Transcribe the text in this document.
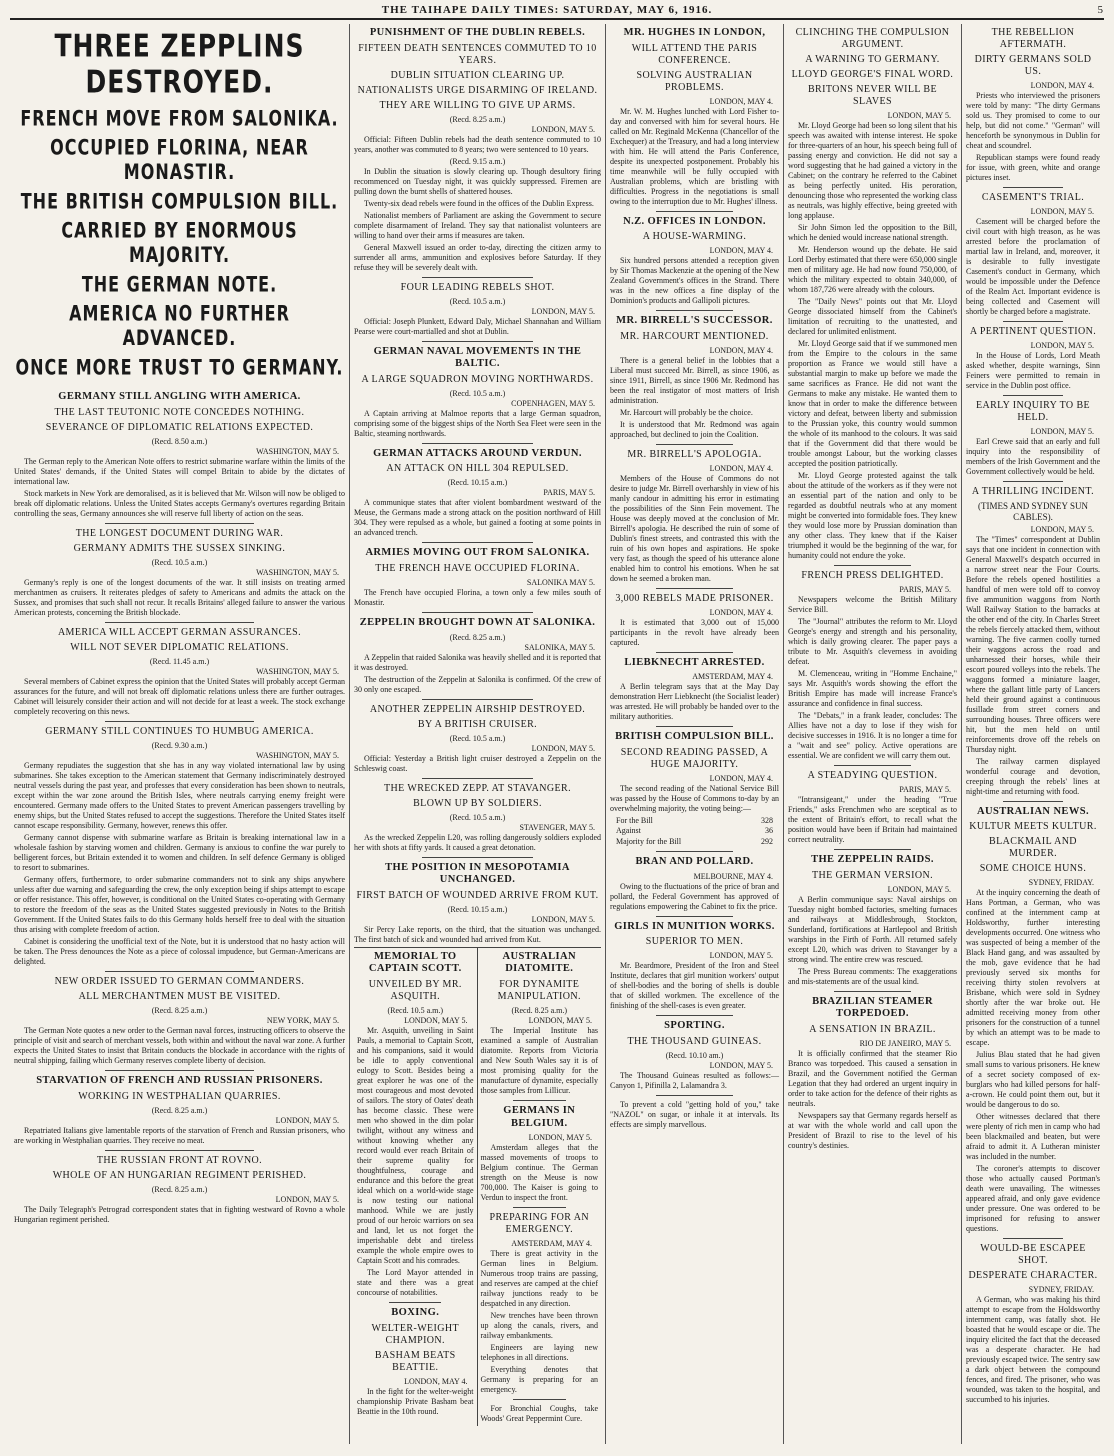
THE TAIHAPE DAILY TIMES: SATURDAY, MAY 6, 1916.	5
THREE ZEPPLINS DESTROYED.
FRENCH MOVE FROM SALONIKA.
OCCUPIED FLORINA, NEAR MONASTIR.
THE BRITISH COMPULSION BILL.
CARRIED BY ENORMOUS MAJORITY.
THE GERMAN NOTE.
AMERICA NO FURTHER ADVANCED.
ONCE MORE TRUST TO GERMANY.
GERMANY STILL ANGLING WITH AMERICA.
THE LAST TEUTONIC NOTE CONCEDES NOTHING.
SEVERANCE OF DIPLOMATIC RELATIONS EXPECTED.
(Recd. 8.50 a.m.)
WASHINGTON, MAY 5.

The German reply to the American Note offers to restrict submarine warfare within the limits of the United States' demands, if the United States will compel Britain to abide by the dictates of international law.

Stock markets in New York are demoralised, as it is believed that Mr. Wilson will now be obliged to break off diplomatic relations. Unless the United States accepts Germany's overtures regarding Britain controlling the seas, Germany announces she will reserve full liberty of action on the seas.

THE LONGEST DOCUMENT DURING WAR.
GERMANY ADMITS THE SUSSEX SINKING.
(Recd. 10.5 a.m.)
WASHINGTON, MAY 5.

Germany's reply is one of the longest documents of the war. It still insists on treating armed merchantmen as cruisers. It reiterates pledges of safety to Americans and admits the attack on the Sussex, and promises that such shall not recur. It recalls Britains' alleged failure to answer the various American protests, concerning the British blockade.

AMERICA WILL ACCEPT GERMAN ASSURANCES.
WILL NOT SEVER DIPLOMATIC RELATIONS.
(Recd. 11.45 a.m.)
WASHINGTON, MAY 5.

Several members of Cabinet express the opinion that the United States will probably accept German assurances for the future, and will not break off diplomatic relations unless there are further outrages. Cabinet will leisurely consider their action and will not decide for at least a week. The stock exchange completely recovering on this news.

GERMANY STILL CONTINUES TO HUMBUG AMERICA.
(Recd. 9.30 a.m.)
WASHINGTON, MAY 5.

Germany repudiates the suggestion that she has in any way violated international law by using submarines. She takes exception to the American statement that Germany indiscriminately destroyed neutral vessels during the past year, and professes that every consideration has been shown to neutrals, except within the war zone around the British Isles, where neutrals carrying enemy freight were encountered. Germany made offers to the United States to prevent American passengers travelling by enemy ships, but the United States refused to accept the suggestions. Therefore the United States itself cannot escape responsibility. Germany, however, renews this offer.

Germany cannot dispense with submarine warfare as Britain is breaking international law in a wholesale fashion by starving women and children. Germany is anxious to confine the war purely to belligerent forces, but Britain extended it to women and children. In self defence Germany is obliged to resort to submarines.

Germany offers, furthermore, to order submarine commanders not to sink any ships anywhere unless after due warning and safeguarding the crew, the only exception being if ships attempt to escape or offer resistance. This offer, however, is conditional on the United States co-operating with Germany to restore the freedom of the seas as the United States suggested previously in Notes to the British Government. If the United States fails to do this Germany holds herself free to deal with the situation thus arising with complete freedom of action.

Cabinet is considering the unofficial text of the Note, but it is understood that no hasty action will be taken. The Press denounces the Note as a piece of colossal impudence, but German-Americans are delighted.

NEW ORDER ISSUED TO GERMAN COMMANDERS.
ALL MERCHANTMEN MUST BE VISITED.
(Recd. 8.25 a.m.)
NEW YORK, MAY 5.

The German Note quotes a new order to the German naval forces, instructing officers to observe the principle of visit and search of merchant vessels, both within and without the naval war zone. A further expects the United States to insist that Britain conducts the blockade in accordance with the rights of neutral shipping, failing which Germany reserves complete liberty of decision.

STARVATION OF FRENCH AND RUSSIAN PRISONERS.
WORKING IN WESTPHALIAN QUARRIES.
(Recd. 8.25 a.m.)
LONDON, MAY 5.

Repatriated Italians give lamentable reports of the starvation of French and Russian prisoners, who are working in Westphalian quarries. They receive no meat.

THE RUSSIAN FRONT AT ROVNO.
WHOLE OF AN HUNGARIAN REGIMENT PERISHED.
(Recd. 8.25 a.m.)
LONDON, MAY 5.

The Daily Telegraph's Petrograd correspondent states that in fighting westward of Rovno a whole Hungarian regiment perished.

PUNISHMENT OF THE DUBLIN REBELS.
FIFTEEN DEATH SENTENCES COMMUTED TO 10 YEARS.
DUBLIN SITUATION CLEARING UP.
NATIONALISTS URGE DISARMING OF IRELAND.
THEY ARE WILLING TO GIVE UP ARMS.
(Recd. 8.25 a.m.)
LONDON, MAY 5.

Official: Fifteen Dublin rebels had the death sentence commuted to 10 years, another was commuted to 8 years; two were sentenced to 10 years.

(Recd. 9.15 a.m.)

In Dublin the situation is slowly clearing up. Though desultory firing recommenced on Tuesday night, it was quickly suppressed. Firemen are pulling down the burnt shells of shattered houses.

Twenty-six dead rebels were found in the offices of the Dublin Express.

Nationalist members of Parliament are asking the Government to secure complete disarmament of Ireland. They say that nationalist volunteers are willing to hand over their arms if measures are taken.

General Maxwell issued an order to-day, directing the citizen army to surrender all arms, ammunition and explosives before Saturday. If they refuse they will be severely dealt with.

FOUR LEADING REBELS SHOT.
(Recd. 10.5 a.m.)
LONDON, MAY 5.

Official: Joseph Plunkett, Edward Daly, Michael Shannahan and William Pearse were court-martialled and shot at Dublin.

GERMAN NAVAL MOVEMENTS IN THE BALTIC.
A LARGE SQUADRON MOVING NORTHWARDS.
(Recd. 10.5 a.m.)
COPENHAGEN, MAY 5.

A Captain arriving at Malmoe reports that a large German squadron, comprising some of the biggest ships of the North Sea Fleet were seen in the Baltic, steaming northwards.

GERMAN ATTACKS AROUND VERDUN.
AN ATTACK ON HILL 304 REPULSED.
(Recd. 10.15 a.m.)
PARIS, MAY 5.

A communique states that after violent bombardment westward of the Meuse, the Germans made a strong attack on the position northward of Hill 304. They were repulsed as a whole, but gained a footing at some points in an advanced trench.

ARMIES MOVING OUT FROM SALONIKA.
THE FRENCH HAVE OCCUPIED FLORINA.
SALONIKA MAY 5.

The French have occupied Florina, a town only a few miles south of Monastir.

ZEPPELIN BROUGHT DOWN AT SALONIKA.
(Recd. 8.25 a.m.)
SALONIKA, MAY 5.

A Zeppelin that raided Salonika was heavily shelled and it is reported that it was destroyed.

The destruction of the Zeppelin at Salonika is confirmed. Of the crew of 30 only one escaped.

ANOTHER ZEPPELIN AIRSHIP DESTROYED.
BY A BRITISH CRUISER.
(Recd. 10.5 a.m.)
LONDON, MAY 5.

Official: Yesterday a British light cruiser destroyed a Zeppelin on the Schleswig coast.

THE WRECKED ZEPP. AT STAVANGER.
BLOWN UP BY SOLDIERS.
(Recd. 10.5 a.m.)
STAVENGER, MAY 5.

As the wrecked Zeppelin L20, was rolling dangerously soldiers exploded her with shots at fifty yards. It caused a great detonation.

THE POSITION IN MESOPOTAMIA UNCHANGED.
FIRST BATCH OF WOUNDED ARRIVE FROM KUT.
(Recd. 10.15 a.m.)
LONDON, MAY 5.

Sir Percy Lake reports, on the third, that the situation was unchanged. The first batch of sick and wounded had arrived from Kut.

MEMORIAL TO CAPTAIN SCOTT.
UNVEILED BY MR. ASQUITH.
(Recd. 10.5 a.m.)
LONDON, MAY 5.

Mr. Asquith, unveiling in Saint Pauls, a memorial to Captain Scott, and his companions, said it would be idle to apply conventional eulogy to Scott. Besides being a great explorer he was one of the most courageous and most devoted of sailors. The story of Oates' death has become classic. These were men who showed in the dim polar twilight, without any witness and without knowing whether any record would ever reach Britain of their supreme quality for thoughtfulness, courage and endurance and this before the great ideal which on a world-wide stage is now testing our national manhood. While we are justly proud of our heroic warriors on sea and land, let us not forget the imperishable debt and tireless example the whole empire owes to Captain Scott and his comrades.

The Lord Mayor attended in state and there was a great concourse of notabilities.

BOXING.
WELTER-WEIGHT CHAMPION.
BASHAM BEATS BEATTIE.
LONDON, MAY 4.

In the fight for the welter-weight championship Private Basham beat Beattie in the 10th round.

AUSTRALIAN DIATOMITE.
FOR DYNAMITE MANIPULATION.
(Recd. 8.25 a.m.)
LONDON, MAY 5.

The Imperial Institute has examined a sample of Australian diatomite. Reports from Victoria and New South Wales say it is of most promising quality for the manufacture of dynamite, especially those samples from Lillicur.

GERMANS IN BELGIUM.
LONDON, MAY 5.

Amsterdam alleges that the massed movements of troops to Belgium continue. The German strength on the Meuse is now 700,000. The Kaiser is going to Verdun to inspect the front.

PREPARING FOR AN EMERGENCY.
AMSTERDAM, MAY 4.

There is great activity in the German lines in Belgium. Numerous troop trains are passing, and reserves are camped at the chief railway junctions ready to be despatched in any direction.

New trenches have been thrown up along the canals, rivers, and railway embankments.

Engineers are laying new telephones in all directions.

Everything denotes that Germany is preparing for an emergency.

For Bronchial Coughs, take Woods' Great Peppermint Cure.

MR. HUGHES IN LONDON,
WILL ATTEND THE PARIS CONFERENCE.
SOLVING AUSTRALIAN PROBLEMS.
LONDON, MAY 4.

Mr. W. M. Hughes lunched with Lord Fisher to-day and conversed with him for several hours. He called on Mr. Reginald McKenna (Chancellor of the Exchequer) at the Treasury, and had a long interview with him. He will attend the Paris Conference, despite its unexpected postponement. Probably his time meanwhile will be fully occupied with Australian problems, which are bristling with difficulties. Progress in the negotiations is small owing to the interruption due to Mr. Hughes' illness.

N.Z. OFFICES IN LONDON.
A HOUSE-WARMING.
LONDON, MAY 4.

Six hundred persons attended a reception given by Sir Thomas Mackenzie at the opening of the New Zealand Government's offices in the Strand. There was in the new offices a fine display of the Dominion's products and Gallipoli pictures.

MR. BIRRELL'S SUCCESSOR.
MR. HARCOURT MENTIONED.
LONDON, MAY 4.

There is a general belief in the lobbies that a Liberal must succeed Mr. Birrell, as since 1906, as since 1911, Birrell, as since 1906 Mr. Redmond has been the real instigator of most matters of Irish administration.

Mr. Harcourt will probably be the choice.

It is understood that Mr. Redmond was again approached, but declined to join the Coalition.

MR. BIRRELL'S APOLOGIA.
LONDON, MAY 4.

Members of the House of Commons do not desire to judge Mr. Birrell overharshly in view of his manly candour in admitting his error in estimating the possibilities of the Sinn Fein movement. The House was deeply moved at the conclusion of Mr. Birrell's apologia. He described the ruin of some of Dublin's finest streets, and contrasted this with the ruin of his own hopes and aspirations. He spoke very fast, as though the speed of his utterance alone enabled him to control his emotions. When he sat down he seemed a broken man.

3,000 REBELS MADE PRISONER.
LONDON, MAY 4.

It is estimated that 3,000 out of 15,000 participants in the revolt have already been captured.

LIEBKNECHT ARRESTED.
AMSTERDAM, MAY 4.

A Berlin telegram says that at the May Day demonstration Herr Liebknecht (the Socialist leader) was arrested. He will probably be handed over to the military authorities.

BRITISH COMPULSION BILL.
SECOND READING PASSED, A HUGE MAJORITY.
LONDON, MAY 4.

The second reading of the National Service Bill was passed by the House of Commons to-day by an overwhelming majority, the voting being:—

For the Bill	328
Against	36
Majority for the Bill	292
BRAN AND POLLARD.
MELBOURNE, MAY 4.

Owing to the fluctuations of the price of bran and pollard, the Federal Government has approved of regulations empowering the Cabinet to fix the price.

GIRLS IN MUNITION WORKS.
SUPERIOR TO MEN.
LONDON, MAY 5.

Mr. Beardmore, President of the Iron and Steel Institute, declares that girl munition workers' output of shell-bodies and the boring of shells is double that of skilled workmen. The excellence of the finishing of the shell-cases is even greater.

SPORTING.
THE THOUSAND GUINEAS.
(Recd. 10.10 am.)
LONDON, MAY 5.

The Thousand Guineas resulted as follows:—Canyon 1, Pifinilla 2, Lalamandra 3.

To prevent a cold "getting hold of you," take "NAZOL" on sugar, or inhale it at intervals. Its effects are simply marvellous.

CLINCHING THE COMPULSION ARGUMENT.
A WARNING TO GERMANY.
LLOYD GEORGE'S FINAL WORD.
BRITONS NEVER WILL BE SLAVES
LONDON, MAY 5.

Mr. Lloyd George had been so long silent that his speech was awaited with intense interest. He spoke for three-quarters of an hour, his speech being full of passing energy and conviction. He did not say a word suggesting that he had gained a victory in the Cabinet; on the contrary he referred to the Cabinet as being perfectly united. His peroration, denouncing those who represented the working class as neutrals, was highly effective, being greeted with long applause.

Sir John Simon led the opposition to the Bill, which he denied would increase national strength.

Mr. Henderson wound up the debate. He said Lord Derby estimated that there were 650,000 single men of military age. He had now found 750,000, of which the military expected to obtain 340,000, of whom 187,726 were already with the colours.

The "Daily News" points out that Mr. Lloyd George dissociated himself from the Cabinet's limitation of recruiting to the unattested, and declared for unlimited enlistment.

Mr. Lloyd George said that if we summoned men from the Empire to the colours in the same proportion as France we would still have a substantial margin to make up before we made the same sacrifices as France. He did not want the Germans to make any mistake. He wanted them to know that in order to make the difference between victory and defeat, between liberty and submission to the Prussian yoke, this country would summon the whole of its manhood to the colours. It was said that if the Government did that there would be trouble amongst Labour, but the working classes accepted the position patriotically.

Mr. Lloyd George protested against the talk about the attitude of the workers as if they were not an essential part of the nation and only to be regarded as doubtful neutrals who at any moment might be converted into formidable foes. They knew they would lose more by Prussian domination than any other class. They knew that if the Kaiser triumphed it would be the beginning of the war, for humanity could not endure the yoke.

FRENCH PRESS DELIGHTED.
PARIS, MAY 5.

Newspapers welcome the British Military Service Bill.

The "Journal" attributes the reform to Mr. Lloyd George's energy and strength and his personality, which is daily growing clearer. The paper pays a tribute to Mr. Asquith's cleverness in avoiding defeat.

M. Clemenceau, writing in "Homme Enchaine," says Mr. Asquith's words showing the effort the British Empire has made will increase France's assurance and confidence in final success.

The "Debats," in a frank leader, concludes: The Allies have not a day to lose if they wish for decisive successes in 1916. It is no longer a time for a "wait and see" policy. Active operations are essential. We are confident we will carry them out.

A STEADYING QUESTION.
PARIS, MAY 5.

"Intransigeant," under the heading "True Friends," asks Frenchmen who are sceptical as to the extent of Britain's effort, to recall what the position would have been if Britain had maintained correct neutrality.

THE ZEPPELIN RAIDS.
THE GERMAN VERSION.
LONDON, MAY 5.

A Berlin communique says: Naval airships on Tuesday night bombed factories, smelting furnaces and railways at Middlesbrough, Stockton, Sunderland, fortifications at Hartlepool and British warships in the Firth of Forth. All returned safely except L20, which was driven to Stavanger by a strong wind. The entire crew was rescued.

The Press Bureau comments: The exaggerations and mis-statements are of the usual kind.

BRAZILIAN STEAMER TORPEDOED.
A SENSATION IN BRAZIL.
RIO DE JANEIRO, MAY 5.

It is officially confirmed that the steamer Rio Branco was torpedoed. This caused a sensation in Brazil, and the Government notified the German Legation that they had ordered an urgent inquiry in order to take action for the defence of their rights as neutrals.

Newspapers say that Germany regards herself as at war with the whole world and call upon the President of Brazil to rise to the level of his country's destinies.

THE REBELLION AFTERMATH.
DIRTY GERMANS SOLD US.
LONDON, MAY 4.

Priests who interviewed the prisoners were told by many: "The dirty Germans sold us. They promised to come to our help, but did not come." "German" will henceforth be synonymous in Dublin for cheat and scoundrel.

Republican stamps were found ready for issue, with green, white and orange pictures inset.

CASEMENT'S TRIAL.
LONDON, MAY 5.

Casement will be charged before the civil court with high treason, as he was arrested before the proclamation of martial law in Ireland, and, moreover, it is desirable to fully investigate Casement's conduct in Germany, which would be impossible under the Defence of the Realm Act. Important evidence is being collected and Casement will shortly be charged before a magistrate.

A PERTINENT QUESTION.
LONDON, MAY 5.

In the House of Lords, Lord Meath asked whether, despite warnings, Sinn Feiners were permitted to remain in service in the Dublin post office.

EARLY INQUIRY TO BE HELD.
LONDON, MAY 5.

Earl Crewe said that an early and full inquiry into the responsibility of members of the Irish Government and the Government collectively would be held.

A THRILLING INCIDENT.
(TIMES AND SYDNEY SUN CABLES).
LONDON, MAY 5.

The "Times" correspondent at Dublin says that one incident in connection with General Maxwell's despatch occurred in a narrow street near the Four Courts. Before the rebels opened hostilities a handful of men were told off to convoy five ammunition waggons from North Wall Railway Station to the barracks at the other end of the city. In Charles Street the rebels fiercely attacked them, without warning. The five carmen coolly turned their waggons across the road and unharnessed their horses, while their escort poured volleys into the rebels. The waggons formed a miniature laager, where the gallant little party of Lancers held their ground against a continuous fusillade from street corners and surrounding houses. Three officers were hit, but the men held on until reinforcements drove off the rebels on Thursday night.

The railway carmen displayed wonderful courage and devotion, creeping through the rebels' lines at night-time and returning with food.

AUSTRALIAN NEWS.
KULTUR MEETS KULTUR.
BLACKMAIL AND MURDER.
SOME CHOICE HUNS.
SYDNEY, FRIDAY.

At the inquiry concerning the death of Hans Portman, a German, who was confined at the internment camp at Holdsworthy, further interesting developments occurred. One witness who was suspected of being a member of the Black Hand gang, and was assaulted by the mob, gave evidence that he had previously served six months for receiving thirty stolen revolvers at Brisbane, which were sold in Sydney shortly after the war broke out. He admitted receiving money from other prisoners for the construction of a tunnel by which an attempt was to be made to escape.

Julius Blau stated that he had given small sums to various prisoners. He knew of a secret society composed of ex-burglars who had killed persons for half-a-crown. He could point them out, but it would be dangerous to do so.

Other witnesses declared that there were plenty of rich men in camp who had been blackmailed and beaten, but were afraid to admit it. A Lutheran minister was included in the number.

The coroner's attempts to discover those who actually caused Portman's death were unavailing. The witnesses appeared afraid, and only gave evidence under pressure. One was ordered to be imprisoned for refusing to answer questions.

WOULD-BE ESCAPEE SHOT.
DESPERATE CHARACTER.
SYDNEY, FRIDAY.

A German, who was making his third attempt to escape from the Holdsworthy internment camp, was fatally shot. He boasted that he would escape or die. The inquiry elicited the fact that the deceased was a desperate character. He had previously escaped twice. The sentry saw a dark object between the compound fences, and fired. The prisoner, who was wounded, was taken to the hospital, and succumbed to his injuries.
